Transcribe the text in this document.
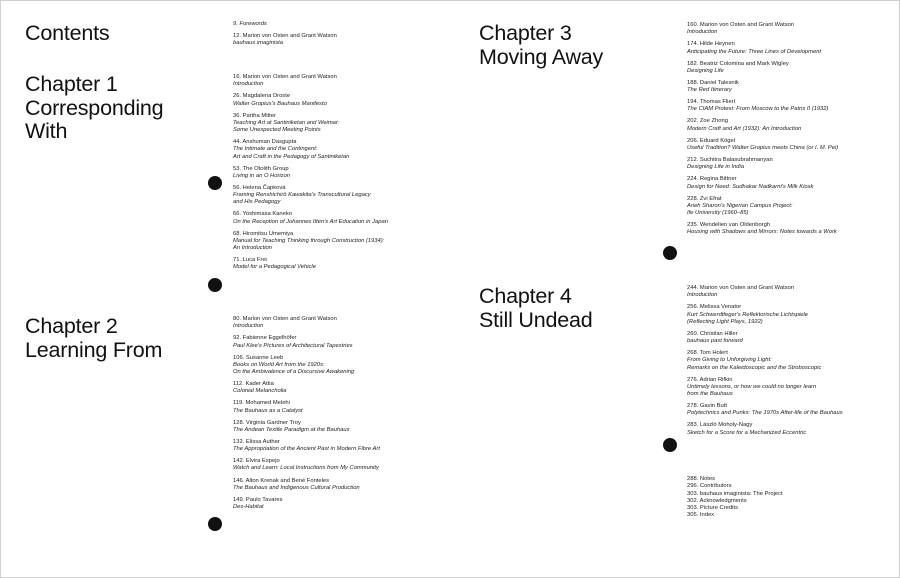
Contents
Chapter 1
Corresponding
With
Chapter 2
Learning From
Chapter 3
Moving Away
Chapter 4
Still Undead
9. Forewords
12. Marion von Osten and Grant Watson
bauhaus imaginista
16. Marion von Osten and Grant Watson
Introduction
26. Magdalena Droste
Walter Gropius's Bauhaus Manifesto
36. Partha Mitter
Teaching Art at Santiniketan and Weimar:
Some Unexpected Meeting Points
44. Anshuman Dasgupta
The Intimate and the Contingent:
Art and Craft in the Pedagogy of Santiniketan
53. The Otolith Group
Living in an O Horizon
56. Helena Čapková
Framing Renshichirō Kawakita's Transcultural Legacy
and His Pedagogy
66. Yoshimasa Kaneko
On the Reception of Johannes Itten's Art Education in Japan
68. Hiromitsu Umemiya
Manual for Teaching Thinking through Construction (1934):
An Introduction
71. Luca Frei
Model for a Pedagogical Vehicle
80. Marion von Osten and Grant Watson
Introduction
92. Fabienne Eggelhöfer
Paul Klee's Pictures of Architectural Tapestries
106. Susanne Leeb
Books on World Art from the 1920s:
On the Ambivalence of a Discursive Awakening
112. Kader Attia
Colonial Melancholia
119. Mohamed Melehi
The Bauhaus as a Catalyst
128. Virginia Gardner Troy
The Andean Textile Paradigm at the Bauhaus
132. Elissa Auther
The Appropriation of the Ancient Past in Modern Fibre Art
142. Elvira Espejo
Watch and Learn: Local Instructions from My Community
146. Alton Krenak and Bené Fonteles
The Bauhaus and Indigenous Cultural Production
149. Paulo Tavares
Des-Habitat
160. Marion von Osten and Grant Watson
Introduction
174. Hilde Heynen
Anticipating the Future: Three Lines of Development
182. Beatriz Colomina and Mark Wigley
Designing Life
188. Daniel Talesnik
The Red Itinerary
194. Thomas Flierl
The CIAM Protest: From Moscow to the Patris II (1932)
202. Zoe Zhong
Modern Craft and Art (1932): An Introduction
206. Eduard Kögel
Useful Tradition? Walter Gropius meets China (or I. M. Pei)
212. Suchitra Balasubrahmanyan
Designing Life in India
224. Regina Bittner
Design for Need: Sudhakar Nadkarni's Milk Kiosk
228. Zvi Efrat
Arieh Sharon's Nigerian Campus Project:
Ife University (1960–85)
235. Wendelien van Oldenborgh
Housing with Shadows and Mirrors: Notes towards a Work
244. Marion von Osten and Grant Watson
Introduction
256. Melissa Venator
Kurt Schwerdtfeger's Reflektorische Lichtspiele
(Reflecting Light Plays, 1922)
260. Christian Hiller
bauhaus past forward
268. Tom Holert
From Giving to Unforgiving Light:
Remarks on the Kaleidoscopic and the Stroboscopic
276. Adrian Rifkin
Untimely lessons, or how we could no longer learn
from the Bauhaus
278. Gavin Butt
Polytechnics and Punks: The 1970s After-life of the Bauhaus
283. László Moholy-Nagy
Sketch for a Score for a Mechanized Eccentric
288. Notes
296. Contributors
303. bauhaus imaginista: The Project
302. Acknowledgments
303. Picture Credits
305. Index
